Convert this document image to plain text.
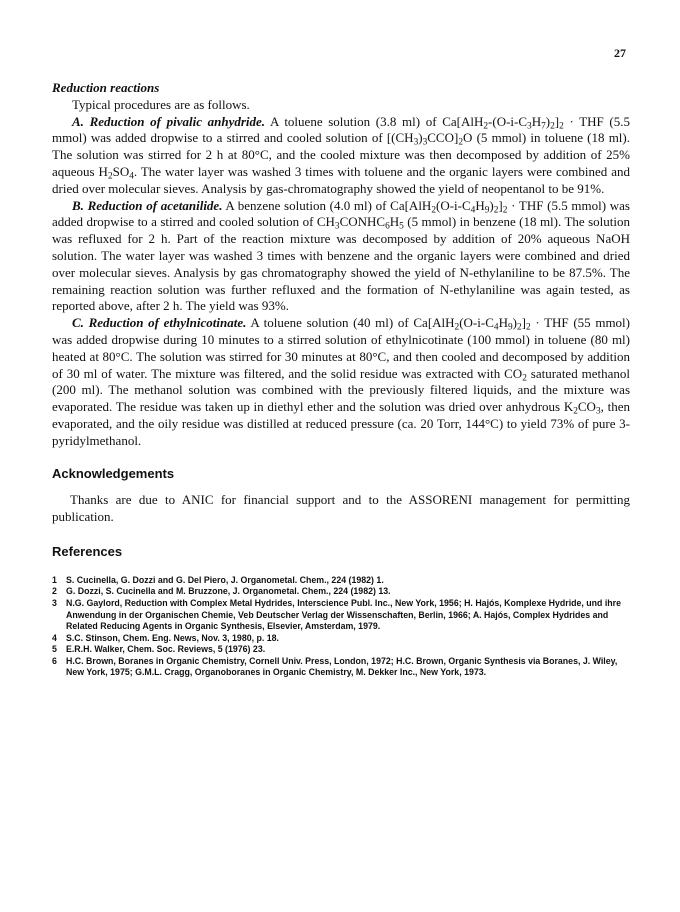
27

Reduction reactions

Typical procedures are as follows.

A. Reduction of pivalic anhydride. A toluene solution (3.8 ml) of $Ca[AlH_2-(O-i-C_3H_7)_2]_2$ · THF (5.5 mmol) was added dropwise to a stirred and cooled solution of $[(CH_3)_3CCO]_2O$ (5 mmol) in toluene (18 ml). The solution was stirred for 2 h at 80°C, and the cooled mixture was then decomposed by addition of 25% aqueous $H_2SO_4$. The water layer was washed 3 times with toluene and the organic layers were combined and dried over molecular sieves. Analysis by gas-chromatography showed the yield of neopentanol to be 91%.

B. Reduction of acetanilide. A benzene solution (4.0 ml) of $Ca[AlH_2(O-i-C_4H_9)_2]_2$ · THF (5.5 mmol) was added dropwise to a stirred and cooled solution of $CH_3CONHC_6H_5$ (5 mmol) in benzene (18 ml). The solution was refluxed for 2 h. Part of the reaction mixture was decomposed by addition of 20% aqueous NaOH solution. The water layer was washed 3 times with benzene and the organic layers were combined and dried over molecular sieves. Analysis by gas chromatography showed the yield of N-ethylaniline to be 87.5%. The remaining reaction solution was further refluxed and the formation of N-ethylaniline was again tested, as reported above, after 2 h. The yield was 93%.

C. Reduction of ethylnicotinate. A toluene solution (40 ml) of $Ca[AlH_2(O-i-C_4H_9)_2]_2$ · THF (55 mmol) was added dropwise during 10 minutes to a stirred solution of ethylnicotinate (100 mmol) in toluene (80 ml) heated at 80°C. The solution was stirred for 30 minutes at 80°C, and then cooled and decomposed by addition of 30 ml of water. The mixture was filtered, and the solid residue was extracted with $CO_2$ saturated methanol (200 ml). The methanol solution was combined with the previously filtered liquids, and the mixture was evaporated. The residue was taken up in diethyl ether and the solution was dried over anhydrous $K_2CO_3$, then evaporated, and the oily residue was distilled at reduced pressure (ca. 20 Torr, 144°C) to yield 73% of pure 3-pyridylmethanol.

Acknowledgements

Thanks are due to ANIC for financial support and to the ASSORENI management for permitting publication.

References
1	S. Cucinella, G. Dozzi and G. Del Piero, J. Organometal. Chem., 224 (1982) 1.
2	G. Dozzi, S. Cucinella and M. Bruzzone, J. Organometal. Chem., 224 (1982) 13.
3	N.G. Gaylord, Reduction with Complex Metal Hydrides, Interscience Publ. Inc., New York, 1956; H. Hajós, Komplexe Hydride, und ihre Anwendung in der Organischen Chemie, Veb Deutscher Verlag der Wissenschaften, Berlin, 1966; A. Hajós, Complex Hydrides and Related Reducing Agents in Organic Synthesis, Elsevier, Amsterdam, 1979.
4	S.C. Stinson, Chem. Eng. News, Nov. 3, 1980, p. 18.
5	E.R.H. Walker, Chem. Soc. Reviews, 5 (1976) 23.
6	H.C. Brown, Boranes in Organic Chemistry, Cornell Univ. Press, London, 1972; H.C. Brown, Organic Synthesis via Boranes, J. Wiley, New York, 1975; G.M.L. Cragg, Organoboranes in Organic Chemistry, M. Dekker Inc., New York, 1973.
